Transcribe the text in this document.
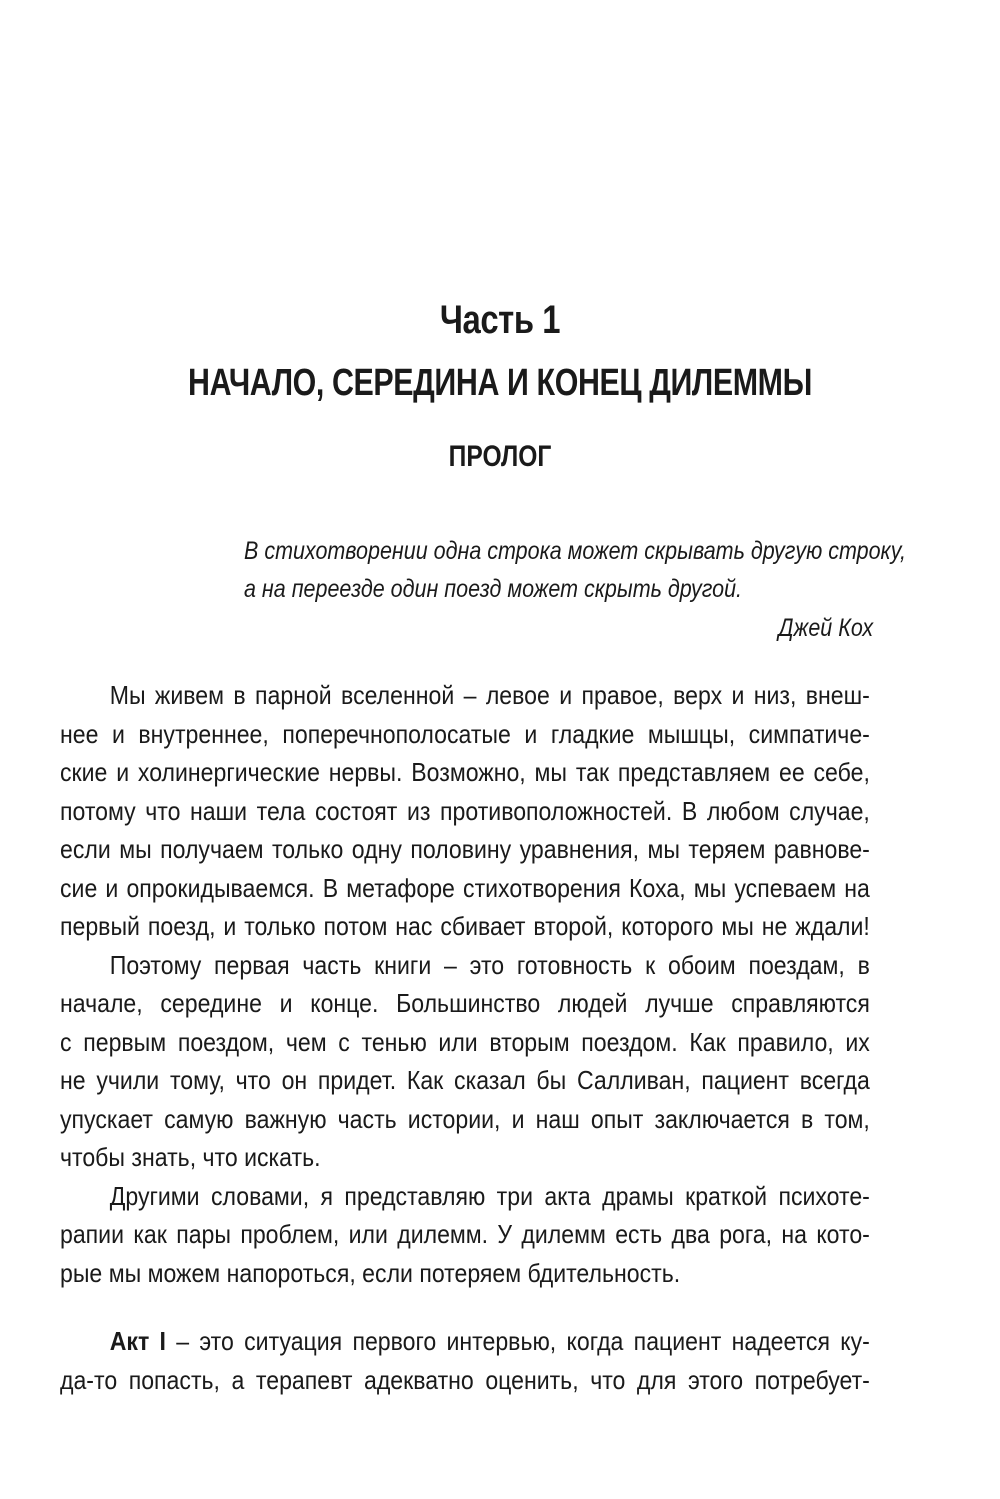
Часть 1
НАЧАЛО, СЕРЕДИНА И КОНЕЦ ДИЛЕММЫ
ПРОЛОГ
В стихотворении одна строка может скрывать другую строку,
а на переезде один поезд может скрыть другой.
Джей Кох
Мы живем в парной вселенной – левое и правое, верх и низ, внеш-
нее и внутреннее, поперечнополосатые и гладкие мышцы, симпатиче-
ские и холинергические нервы. Возможно, мы так представляем ее себе,
потому что наши тела состоят из противоположностей. В любом случае,
если мы получаем только одну половину уравнения, мы теряем равнове-
сие и опрокидываемся. В метафоре стихотворения Коха, мы успеваем на
первый поезд, и только потом нас сбивает второй, которого мы не ждали!
Поэтому первая часть книги – это готовность к обоим поездам, в
начале, середине и конце. Большинство людей лучше справляются
с первым поездом, чем с тенью или вторым поездом. Как правило, их
не учили тому, что он придет. Как сказал бы Салливан, пациент всегда
упускает самую важную часть истории, и наш опыт заключается в том,
чтобы знать, что искать.
Другими словами, я представляю три акта драмы краткой психоте-
рапии как пары проблем, или дилемм. У дилемм есть два рога, на кото-
рые мы можем напороться, если потеряем бдительность.
Акт I – это ситуация первого интервью, когда пациент надеется ку-
да-то попасть, а терапевт адекватно оценить, что для этого потребует-
